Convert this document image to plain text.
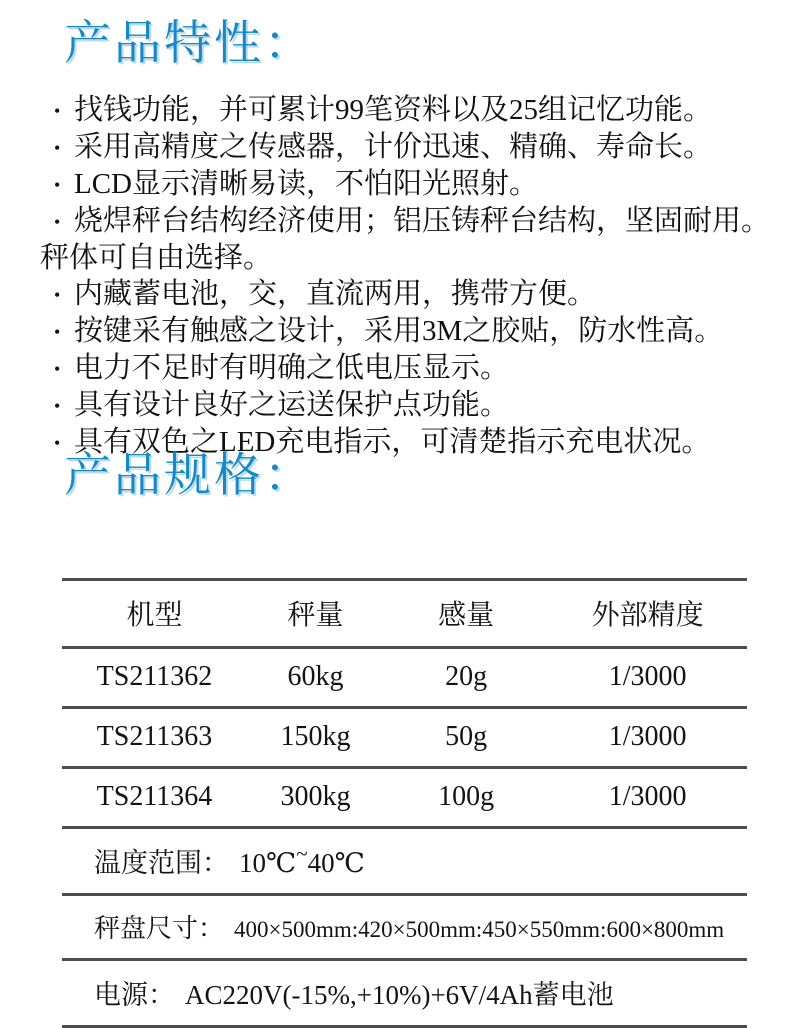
产品特性：
• 找钱功能，并可累计99笔资料以及25组记忆功能。
• 采用高精度之传感器，计价迅速、精确、寿命长。
• LCD显示清晰易读，不怕阳光照射。
• 烧焊秤台结构经济使用；铝压铸秤台结构，坚固耐用。秤体可自由选择。
• 内藏蓄电池，交，直流两用，携带方便。
• 按键采有触感之设计，采用3M之胶贴，防水性高。
• 电力不足时有明确之低电压显示。
• 具有设计良好之运送保护点功能。
• 具有双色之LED充电指示，可清楚指示充电状况。
产品规格：
机型	秤量	感量	外部精度
TS211362	60kg	20g	1/3000
TS211363	150kg	50g	1/3000
TS211364	300kg	100g	1/3000
温度范围： 10℃~40℃			
秤盘尺寸： 400×500mm:420×500mm:450×550mm:600×800mm			
电源： AC220V(-15%,+10%)+6V/4Ah蓄电池			
